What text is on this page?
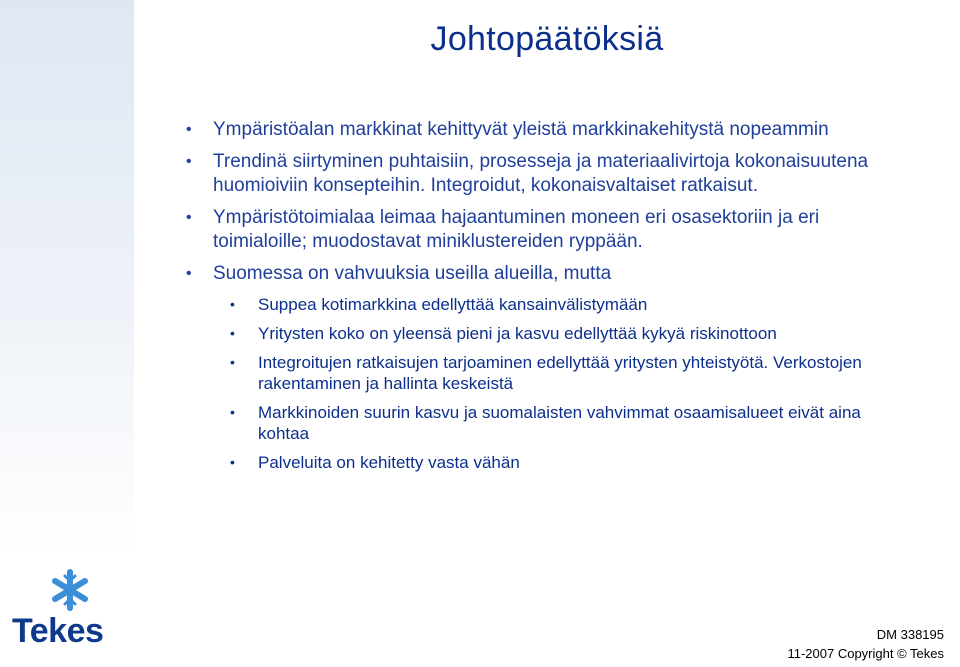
Johtopäätöksiä
• Ympäristöalan markkinat kehittyvät yleistä markkinakehitystä nopeammin
• Trendinä siirtyminen puhtaisiin, prosesseja ja materiaalivirtoja kokonaisuutena huomioiviin konsepteihin. Integroidut, kokonaisvaltaiset ratkaisut.
• Ympäristötoimialaa leimaa hajaantuminen moneen eri osasektoriin ja eri toimialoille; muodostavat miniklustereiden ryppään.
• Suomessa on vahvuuksia useilla alueilla, mutta
• Suppea kotimarkkina edellyttää kansainvälistymään
• Yritysten koko on yleensä pieni ja kasvu edellyttää kykyä riskinottoon
• Integroitujen ratkaisujen tarjoaminen edellyttää yritysten yhteistyötä. Verkostojen rakentaminen ja hallinta keskeistä
• Markkinoiden suurin kasvu ja suomalaisten vahvimmat osaamisalueet eivät aina kohtaa
• Palveluita on kehitetty vasta vähän
Tekes	DM 338195
11-2007 Copyright © Tekes
